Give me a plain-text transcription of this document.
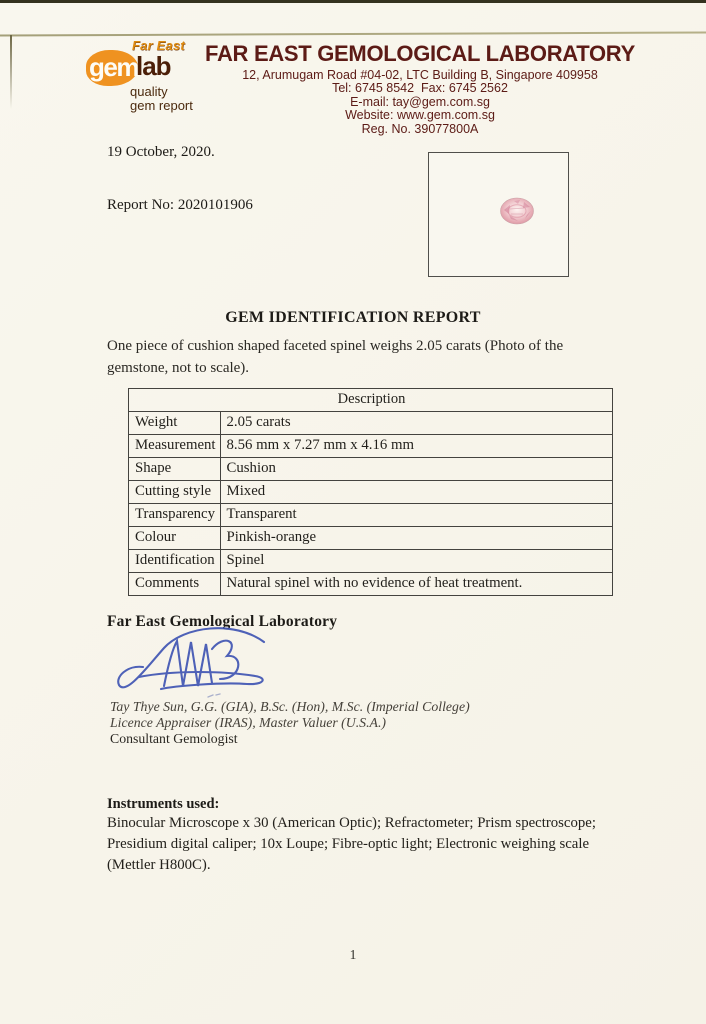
Far East
gem
lab
quality
gem report
FAR EAST GEMOLOGICAL LABORATORY
12, Arumugam Road #04-02, LTC Building B, Singapore 409958
Tel: 6745 8542  Fax: 6745 2562
E-mail: tay@gem.com.sg
Website: www.gem.com.sg
Reg. No. 39077800A
19 October, 2020.
Report No: 2020101906
GEM IDENTIFICATION REPORT
One piece of cushion shaped faceted spinel weighs 2.05 carats (Photo of the gemstone, not to scale).
Description	
Weight	2.05 carats
Measurement	8.56 mm x 7.27 mm x 4.16 mm
Shape	Cushion
Cutting style	Mixed
Transparency	Transparent
Colour	Pinkish-orange
Identification	Spinel
Comments	Natural spinel with no evidence of heat treatment.
Far East Gemological Laboratory
Tay Thye Sun, G.G. (GIA), B.Sc. (Hon), M.Sc. (Imperial College)
Licence Appraiser (IRAS), Master Valuer (U.S.A.)
Consultant Gemologist
Instruments used:
Binocular Microscope x 30 (American Optic); Refractometer; Prism spectroscope; Presidium digital caliper; 10x Loupe; Fibre-optic light; Electronic weighing scale (Mettler H800C).
1
